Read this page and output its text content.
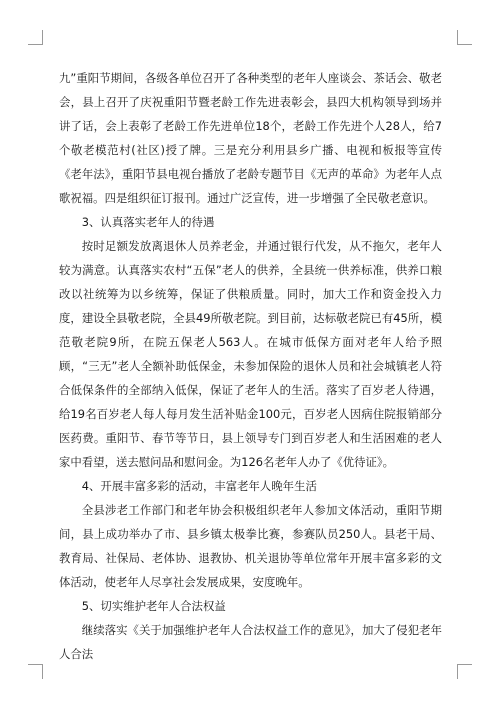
九”重阳节期间，各级各单位召开了各种类型的老年人座谈会、茶话会、敬老会，县上召开了庆祝重阳节暨老龄工作先进表彰会，县四大机构领导到场并讲了话，会上表彰了老龄工作先进单位18个，老龄工作先进个人28人，给7个敬老模范村(社区)授了牌。三是充分利用县乡广播、电视和板报等宣传《老年法》，重阳节县电视台播放了老龄专题节目《无声的革命》为老年人点歌祝福。四是组织征订报刊。通过广泛宣传，进一步增强了全民敬老意识。

3、认真落实老年人的待遇

按时足额发放离退休人员养老金，并通过银行代发，从不拖欠，老年人较为满意。认真落实农村“五保”老人的供养，全县统一供养标准，供养口粮改以社统筹为以乡统筹，保证了供粮质量。同时，加大工作和资金投入力度，建设全县敬老院，全县49所敬老院。到目前，达标敬老院已有45所，模范敬老院9所，在院五保老人563人。在城市低保方面对老年人给予照顾，“三无”老人全额补助低保金，未参加保险的退休人员和社会城镇老人符合低保条件的全部纳入低保，保证了老年人的生活。落实了百岁老人待遇，给19名百岁老人每人每月发生活补贴金100元，百岁老人因病住院报销部分医药费。重阳节、春节等节日，县上领导专门到百岁老人和生活困难的老人家中看望，送去慰问品和慰问金。为126名老年人办了《优待证》。

4、开展丰富多彩的活动，丰富老年人晚年生活

全县涉老工作部门和老年协会积极组织老年人参加文体活动，重阳节期间，县上成功举办了市、县乡镇太极拳比赛，参赛队员250人。县老干局、教育局、社保局、老体协、退教协、机关退协等单位常年开展丰富多彩的文体活动，使老年人尽享社会发展成果，安度晚年。

5、切实维护老年人合法权益

继续落实《关于加强维护老年人合法权益工作的意见》，加大了侵犯老年人合法
